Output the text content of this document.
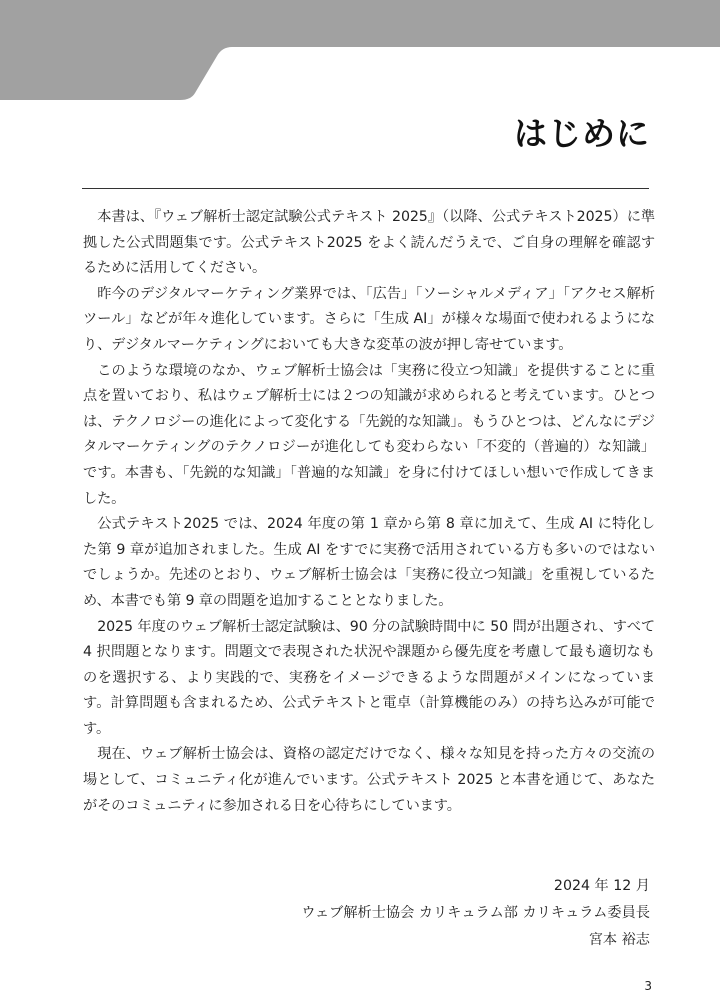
はじめに

本書は、『ウェブ解析士認定試験公式テキスト 2025』（以降、公式テキスト2025）に準拠した公式問題集です。公式テキスト2025 をよく読んだうえで、ご自身の理解を確認するために活用してください。

昨今のデジタルマーケティング業界では、「広告」「ソーシャルメディア」「アクセス解析ツール」などが年々進化しています。さらに「生成 AI」が様々な場面で使われるようになり、デジタルマーケティングにおいても大きな変革の波が押し寄せています。

このような環境のなか、ウェブ解析士協会は「実務に役立つ知識」を提供することに重点を置いており、私はウェブ解析士には２つの知識が求められると考えています。ひとつは、テクノロジーの進化によって変化する「先鋭的な知識」。もうひとつは、どんなにデジタルマーケティングのテクノロジーが進化しても変わらない「不変的（普遍的）な知識」です。本書も、「先鋭的な知識」「普遍的な知識」を身に付けてほしい想いで作成してきました。

公式テキスト2025 では、2024 年度の第 1 章から第 8 章に加えて、生成 AI に特化した第 9 章が追加されました。生成 AI をすでに実務で活用されている方も多いのではないでしょうか。先述のとおり、ウェブ解析士協会は「実務に役立つ知識」を重視しているため、本書でも第 9 章の問題を追加することとなりました。

2025 年度のウェブ解析士認定試験は、90 分の試験時間中に 50 問が出題され、すべて 4 択問題となります。問題文で表現された状況や課題から優先度を考慮して最も適切なものを選択する、より実践的で、実務をイメージできるような問題がメインになっています。計算問題も含まれるため、公式テキストと電卓（計算機能のみ）の持ち込みが可能です。

現在、ウェブ解析士協会は、資格の認定だけでなく、様々な知見を持った方々の交流の場として、コミュニティ化が進んでいます。公式テキスト 2025 と本書を通じて、あなたがそのコミュニティに参加される日を心待ちにしています。

2024 年 12 月
ウェブ解析士協会 カリキュラム部 カリキュラム委員長
宮本 裕志
3
